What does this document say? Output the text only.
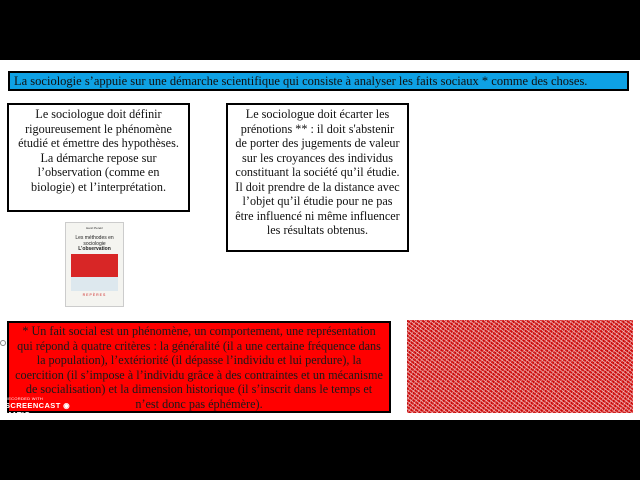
La sociologie s’appuie sur une démarche scientifique qui consiste à analyser les faits sociaux * comme des choses.
Le sociologue doit définir rigoureusement le phénomène étudié et émettre des hypothèses. La démarche repose sur l’observation (comme en biologie) et l’interprétation.
Le sociologue doit écarter les prénotions ** : il doit s'abstenir de porter des jugements de valeur sur les croyances des individus constituant la société qu’il étudie. Il doit prendre de la distance avec l’objet qu’il étudie pour ne pas être influencé ni même influencer les résultats obtenus.
Henri Peretz
Les méthodes en sociologie
L’observation
REPÈRES
* Un fait social est un phénomène, un comportement, une représentation qui répond à quatre critères : la généralité (il a une certaine fréquence dans la population), l’extériorité (il dépasse l’individu et lui perdure), la coercition (il s’impose à l’individu grâce à des contraintes et un mécanisme de socialisation) et la dimension historique (il s’inscrit dans le temps et n’est donc pas éphémère).
RECORDED WITH
SCREENCAST ◉ MATIC
